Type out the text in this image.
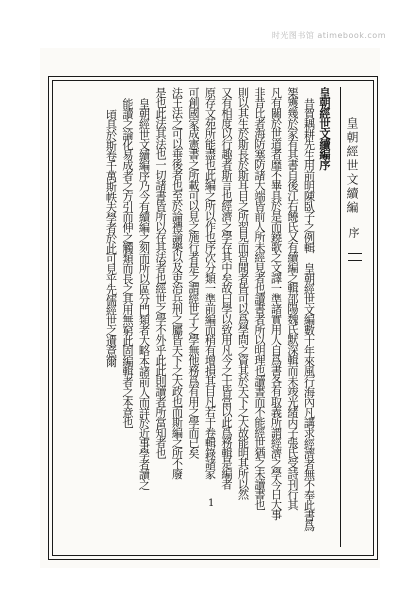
时光图书馆 atimebook.com
皇朝經世文續編序
昔賀耦耕先生用前明陳臥子之例輯　皇朝經世文編數十年來風行海內凡講求經濟者無不奉此書爲
榘矱幾於家有其書自後江右饒氏又有續編之輯邵陽魏氏默深輯而未竣光緒丙子張氏受詩刊行其
凡有關於世道者靡不畢具於是而鐃歌之文譯一準諸實用人自爲書各有取義所謂經濟之學今日大事
非昔比者海防塞防諸大端皆前人所未經見者也讀書者所以明理也讀書而不能經世猶之未讀書也
則以其生於斯長於斯耳目之所習見而習聞者皆可以爲學問之資其於天下之大故能明其所以然
又有相度以行趣者斯言也經濟之學存其中矣故曰學以致用凡今之士皆當以此爲務輯是編者
原存文苑所能盡也此編之所以作也序次分類一準前編而稍有增損其目凡若干卷輯錄諸家
可創國家成憲書之所載可以見之施行者是之謂經世子之學無他務爲有用之學而已矣
法王法之可以垂後者也至於論禮論樂以及吏治兵刑之屬皆天下之大政也而斯編之所不廢
是也此法其法也一切諸書皆所以存其法者也經世之學不外乎此此則讀者所當知者也
皇朝經世文續編序乃今有續編之刻而所以區分門類者大略本諸前人而詳於近事學者讀之
能讀之論化易成者之方引而伸之觸類而長之其用無窮此固編輯者之本意也
頃具於斯卷千萬斯帙夫學者於此可見乎先儒經世之遺意爾	皇朝經世文續編
序
1
